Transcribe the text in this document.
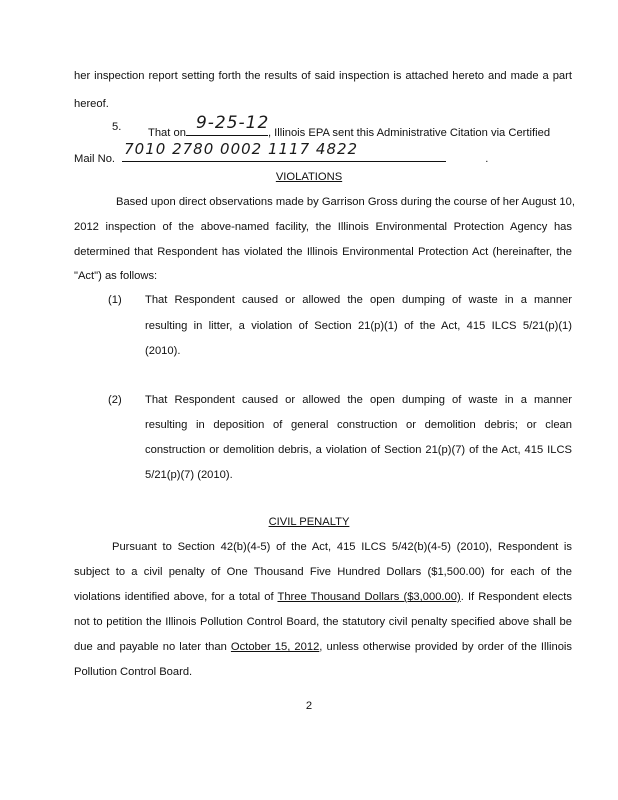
her inspection report setting forth the results of said inspection is attached hereto and made a part
hereof.
5. That on 9-25-12
, Illinois EPA sent this Administrative Citation via Certified
Mail No.
7010 2780 0002 1117 4822
.
VIOLATIONS
Based upon direct observations made by Garrison Gross during the course of her August 10,
2012 inspection of the above-named facility, the Illinois Environmental Protection Agency has
determined that Respondent has violated the Illinois Environmental Protection Act (hereinafter, the
"Act") as follows:
(1) That Respondent caused or allowed the open dumping of waste in a manner
resulting in litter, a violation of Section 21(p)(1) of the Act, 415 ILCS 5/21(p)(1)
(2010).
(2) That Respondent caused or allowed the open dumping of waste in a manner
resulting in deposition of general construction or demolition debris; or clean
construction or demolition debris, a violation of Section 21(p)(7) of the Act, 415 ILCS
5/21(p)(7) (2010).
CIVIL PENALTY
Pursuant to Section 42(b)(4-5) of the Act, 415 ILCS 5/42(b)(4-5) (2010), Respondent is
subject to a civil penalty of One Thousand Five Hundred Dollars ($1,500.00) for each of the
violations identified above, for a total of Three Thousand Dollars ($3,000.00). If Respondent elects
not to petition the Illinois Pollution Control Board, the statutory civil penalty specified above shall be
due and payable no later than October 15, 2012, unless otherwise provided by order of the Illinois
Pollution Control Board.
2
